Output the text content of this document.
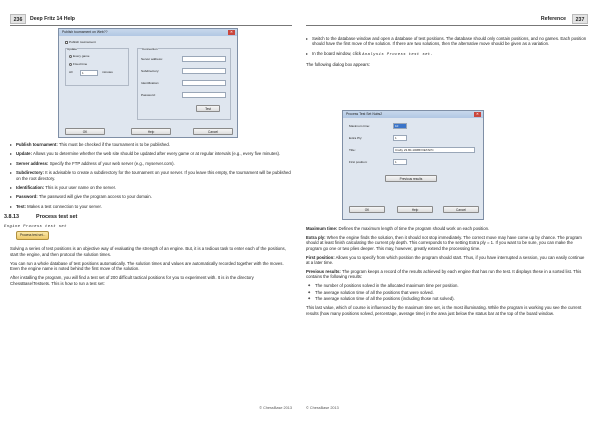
236	Deep Fritz 14 Help
Publish tournament on Web??	✕
Publish tournament
Update
Every game
Fixed time
All	1	minutes
Connection
Server address:
Subdirectory:
Identification:
Password:
Test
OK	Help	Cancel
▸ Publish tournament: This must be checked if the tournament is to be published.
▸ Update: Allows you to determine whether the web site should be updated after every game or at regular intervals (e.g., every five minutes).
▸ Server address: Specify the FTP address of your web server (e.g., myserver.com).
▸ Subdirectory: It is advisable to create a subdirectory for the tournament on your server. If you leave this empty, the tournament will be published on the root directory.
▸ Identification: This is your user name on the server.
▸ Password: The password will give the program access to your domain.
▸ Test: Makes a test connection to your server.
3.8.13	Process test set
Engine Process test set
Process test set...

Solving a series of test positions is an objective way of evaluating the strength of an engine. But, it is a tedious task to enter each of the positions, start the engine, and then protocol the solution times.

You can run a whole database of test positions automatically. The solution times and values are automatically recorded together with the moves. Even the engine name is noted behind the first move of the solution.

After installing the program, you will find a test set of 200 difficult tactical positions for you to experiment with. It is in the directory ChessBase\Testsets. This is how to run a test set:

© ChessBase 2013
Reference	237
▸ Switch to the database window and open a database of test positions. The database should only contain positions, and no games. Each position should have the first move of the solution. If there are two solutions, then the alternative move should be given as a variation.
▸ In the board window, click Analysis Process test set.

The following dialog box appears:

Process Test Set Nubs2	✕
Maximum time:	10
Extra Ply:	1
Title:	Crafty 23.80-10MB/VIETAPC
First position:	1
Previous results
OK	Help	Cancel

Maximum time: Defines the maximum length of time the program should work on each position.

Extra ply: When the engine finds the solution, then it should not stop immediately. The correct move may have come up by chance. The program should at least finish calculating the current ply depth. This corresponds to the setting Extra ply = 1. If you want to be sure, you can make the program go one or two plies deeper. This may, however, greatly extend the processing time.

First position: Allows you to specify from which position the program should start. Thus, if you have interrupted a session, you can easily continue at a later time.

Previous results: The program keeps a record of the results achieved by each engine that has run the test. It displays these in a sorted list. This contains the following results:

◆ The number of positions solved in the allocated maximum time per position.
◆ The average solution time of all the positions that were solved.
◆ The average solution time of all the positions (including those not solved).

This last value, which of course is influenced by the maximum time set, is the most illuminating. While the program is working you see the current results (how many positions solved, percentage, average time) in the area just below the status bar at the top of the board window.

© ChessBase 2013
